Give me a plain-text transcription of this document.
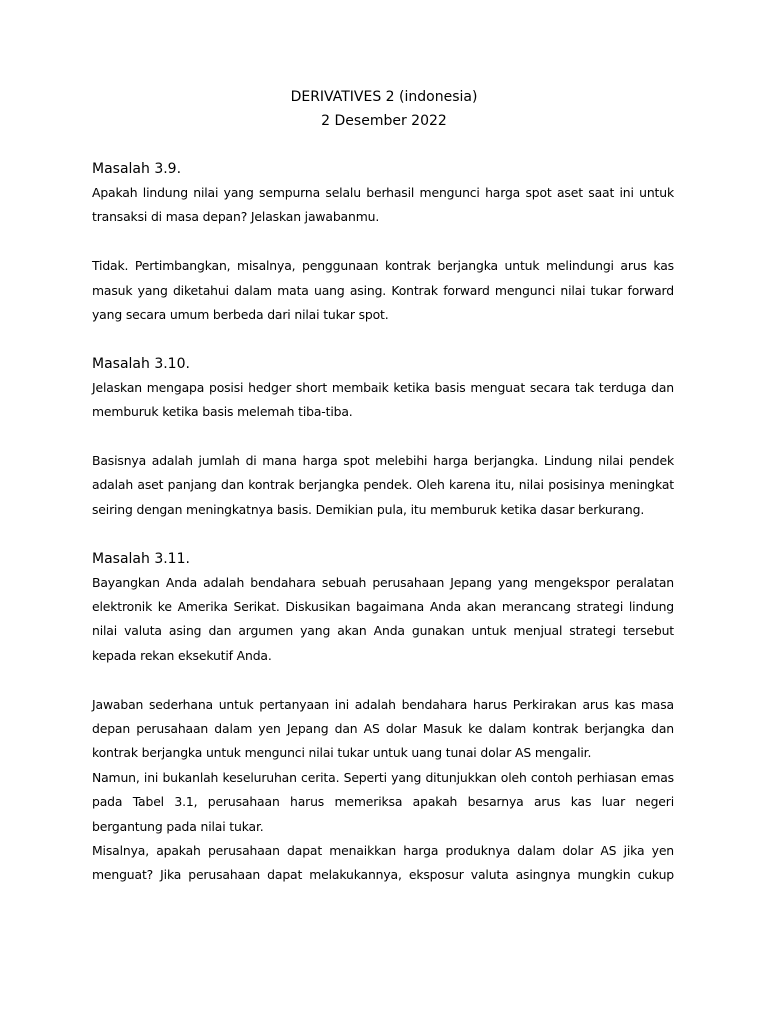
DERIVATIVES 2 (indonesia)
2 Desember 2022

Masalah 3.9.

Apakah lindung nilai yang sempurna selalu berhasil mengunci harga spot aset saat ini untuk transaksi di masa depan? Jelaskan jawabanmu.

Tidak. Pertimbangkan, misalnya, penggunaan kontrak berjangka untuk melindungi arus kas masuk yang diketahui dalam mata uang asing. Kontrak forward mengunci nilai tukar forward yang secara umum berbeda dari nilai tukar spot.

Masalah 3.10.

Jelaskan mengapa posisi hedger short membaik ketika basis menguat secara tak terduga dan

memburuk ketika basis melemah tiba-tiba.

Basisnya adalah jumlah di mana harga spot melebihi harga berjangka. Lindung nilai pendek adalah aset panjang dan kontrak berjangka pendek. Oleh karena itu, nilai posisinya meningkat seiring dengan meningkatnya basis. Demikian pula, itu memburuk ketika dasar berkurang.

Masalah 3.11.

Bayangkan Anda adalah bendahara sebuah perusahaan Jepang yang mengekspor peralatan elektronik ke Amerika Serikat. Diskusikan bagaimana Anda akan merancang strategi lindung nilai valuta asing dan argumen yang akan Anda gunakan untuk menjual strategi tersebut kepada rekan eksekutif Anda.

Jawaban sederhana untuk pertanyaan ini adalah bendahara harus Perkirakan arus kas masa depan perusahaan dalam yen Jepang dan AS dolar Masuk ke dalam kontrak berjangka dan kontrak berjangka untuk mengunci nilai tukar untuk uang tunai dolar AS mengalir.

Namun, ini bukanlah keseluruhan cerita. Seperti yang ditunjukkan oleh contoh perhiasan emas pada Tabel 3.1, perusahaan harus memeriksa apakah besarnya arus kas luar negeri bergantung pada nilai tukar.

Misalnya, apakah perusahaan dapat menaikkan harga produknya dalam dolar AS jika yen menguat? Jika perusahaan dapat melakukannya, eksposur valuta asingnya mungkin cukup
